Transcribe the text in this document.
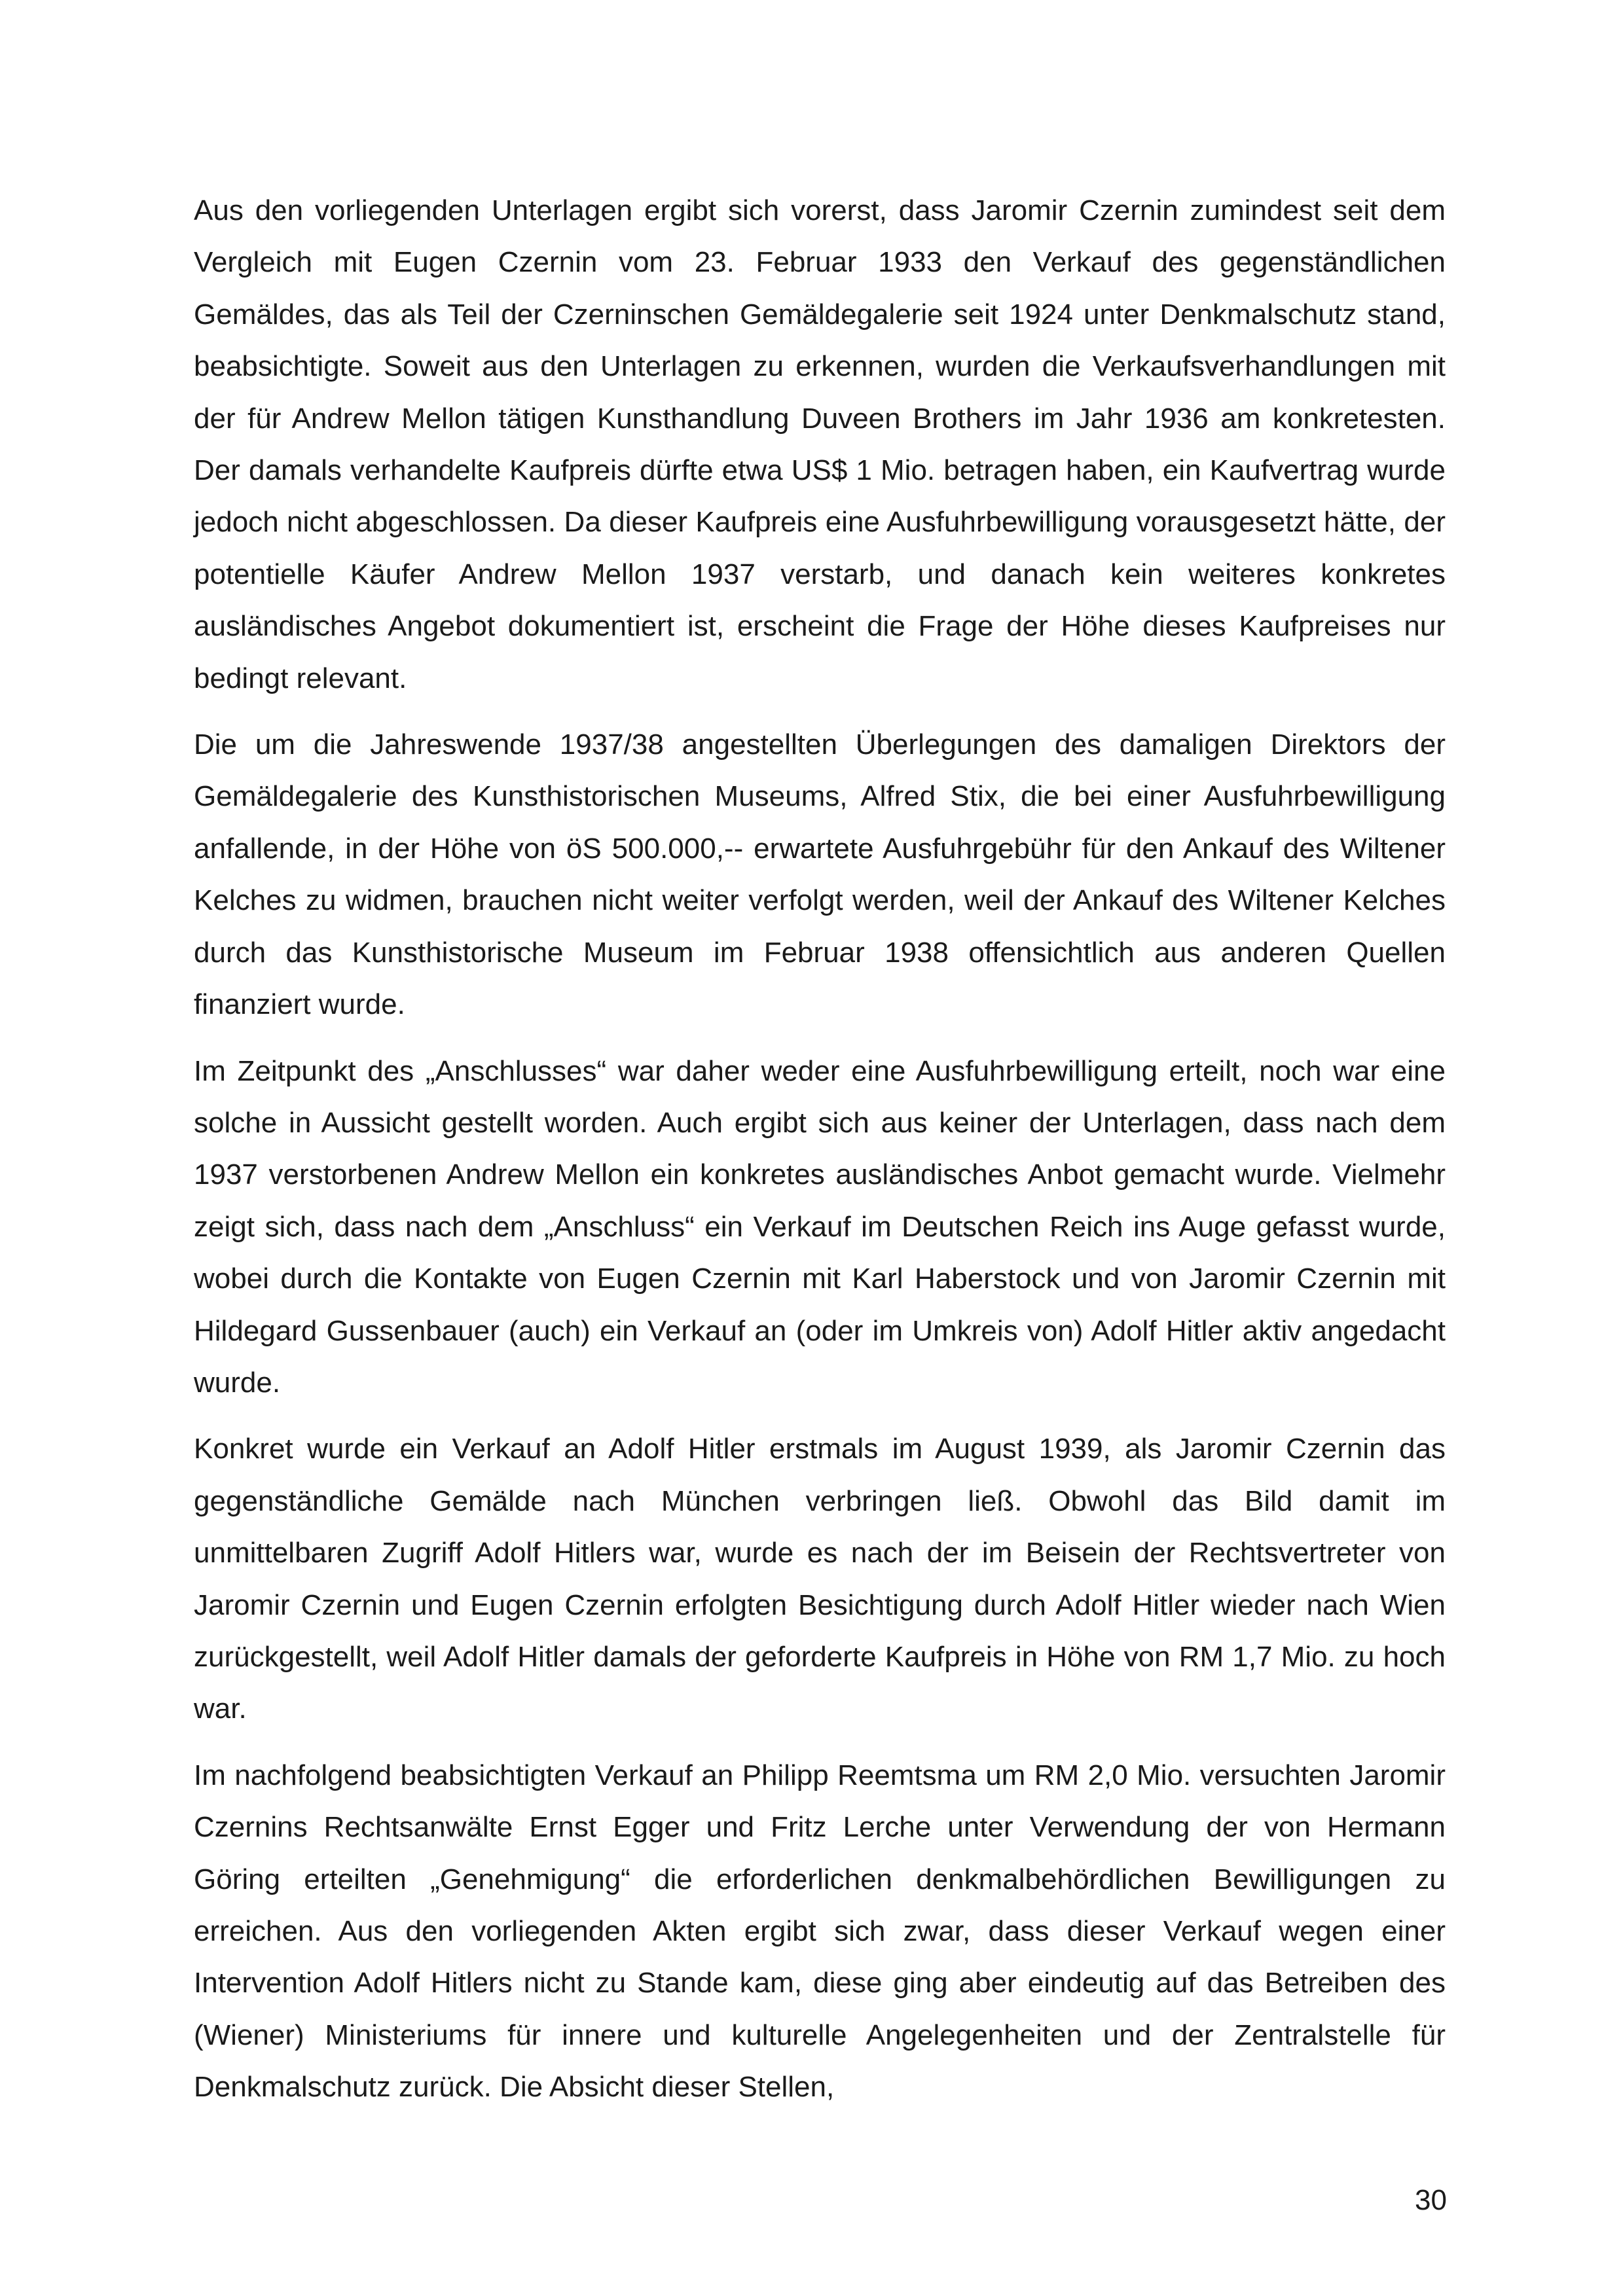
Aus den vorliegenden Unterlagen ergibt sich vorerst, dass Jaromir Czernin zumindest seit dem Vergleich mit Eugen Czernin vom 23. Februar 1933 den Verkauf des gegenständlichen Gemäldes, das als Teil der Czerninschen Gemäldegalerie seit 1924 unter Denkmalschutz stand, beabsichtigte. Soweit aus den Unterlagen zu erkennen, wurden die Verkaufsverhandlungen mit der für Andrew Mellon tätigen Kunsthandlung Duveen Brothers im Jahr 1936 am konkretesten. Der damals verhandelte Kaufpreis dürfte etwa US$ 1 Mio. betragen haben, ein Kaufvertrag wurde jedoch nicht abgeschlossen. Da dieser Kaufpreis eine Ausfuhrbewilligung vorausgesetzt hätte, der potentielle Käufer Andrew Mellon 1937 verstarb, und danach kein weiteres konkretes ausländisches Angebot dokumentiert ist, erscheint die Frage der Höhe dieses Kaufpreises nur bedingt relevant.

Die um die Jahreswende 1937/38 angestellten Überlegungen des damaligen Direktors der Gemäldegalerie des Kunsthistorischen Museums, Alfred Stix, die bei einer Ausfuhrbewilligung anfallende, in der Höhe von öS 500.000,-- erwartete Ausfuhrgebühr für den Ankauf des Wiltener Kelches zu widmen, brauchen nicht weiter verfolgt werden, weil der Ankauf des Wiltener Kelches durch das Kunsthistorische Museum im Februar 1938 offensichtlich aus anderen Quellen finanziert wurde.

Im Zeitpunkt des „Anschlusses“ war daher weder eine Ausfuhrbewilligung erteilt, noch war eine solche in Aussicht gestellt worden. Auch ergibt sich aus keiner der Unterlagen, dass nach dem 1937 verstorbenen Andrew Mellon ein konkretes ausländisches Anbot gemacht wurde. Vielmehr zeigt sich, dass nach dem „Anschluss“ ein Verkauf im Deutschen Reich ins Auge gefasst wurde, wobei durch die Kontakte von Eugen Czernin mit Karl Haberstock und von Jaromir Czernin mit Hildegard Gussenbauer (auch) ein Verkauf an (oder im Umkreis von) Adolf Hitler aktiv angedacht wurde.

Konkret wurde ein Verkauf an Adolf Hitler erstmals im August 1939, als Jaromir Czernin das gegenständliche Gemälde nach München verbringen ließ. Obwohl das Bild damit im unmittelbaren Zugriff Adolf Hitlers war, wurde es nach der im Beisein der Rechtsvertreter von Jaromir Czernin und Eugen Czernin erfolgten Besichtigung durch Adolf Hitler wieder nach Wien zurückgestellt, weil Adolf Hitler damals der geforderte Kaufpreis in Höhe von RM 1,7 Mio. zu hoch war.

Im nachfolgend beabsichtigten Verkauf an Philipp Reemtsma um RM 2,0 Mio. versuchten Jaromir Czernins Rechtsanwälte Ernst Egger und Fritz Lerche unter Verwendung der von Hermann Göring erteilten „Genehmigung“ die erforderlichen denkmalbehördlichen Bewilligungen zu erreichen. Aus den vorliegenden Akten ergibt sich zwar, dass dieser Verkauf wegen einer Intervention Adolf Hitlers nicht zu Stande kam, diese ging aber eindeutig auf das Betreiben des (Wiener) Ministeriums für innere und kulturelle Angelegenheiten und der Zentralstelle für Denkmalschutz zurück. Die Absicht dieser Stellen,

30
